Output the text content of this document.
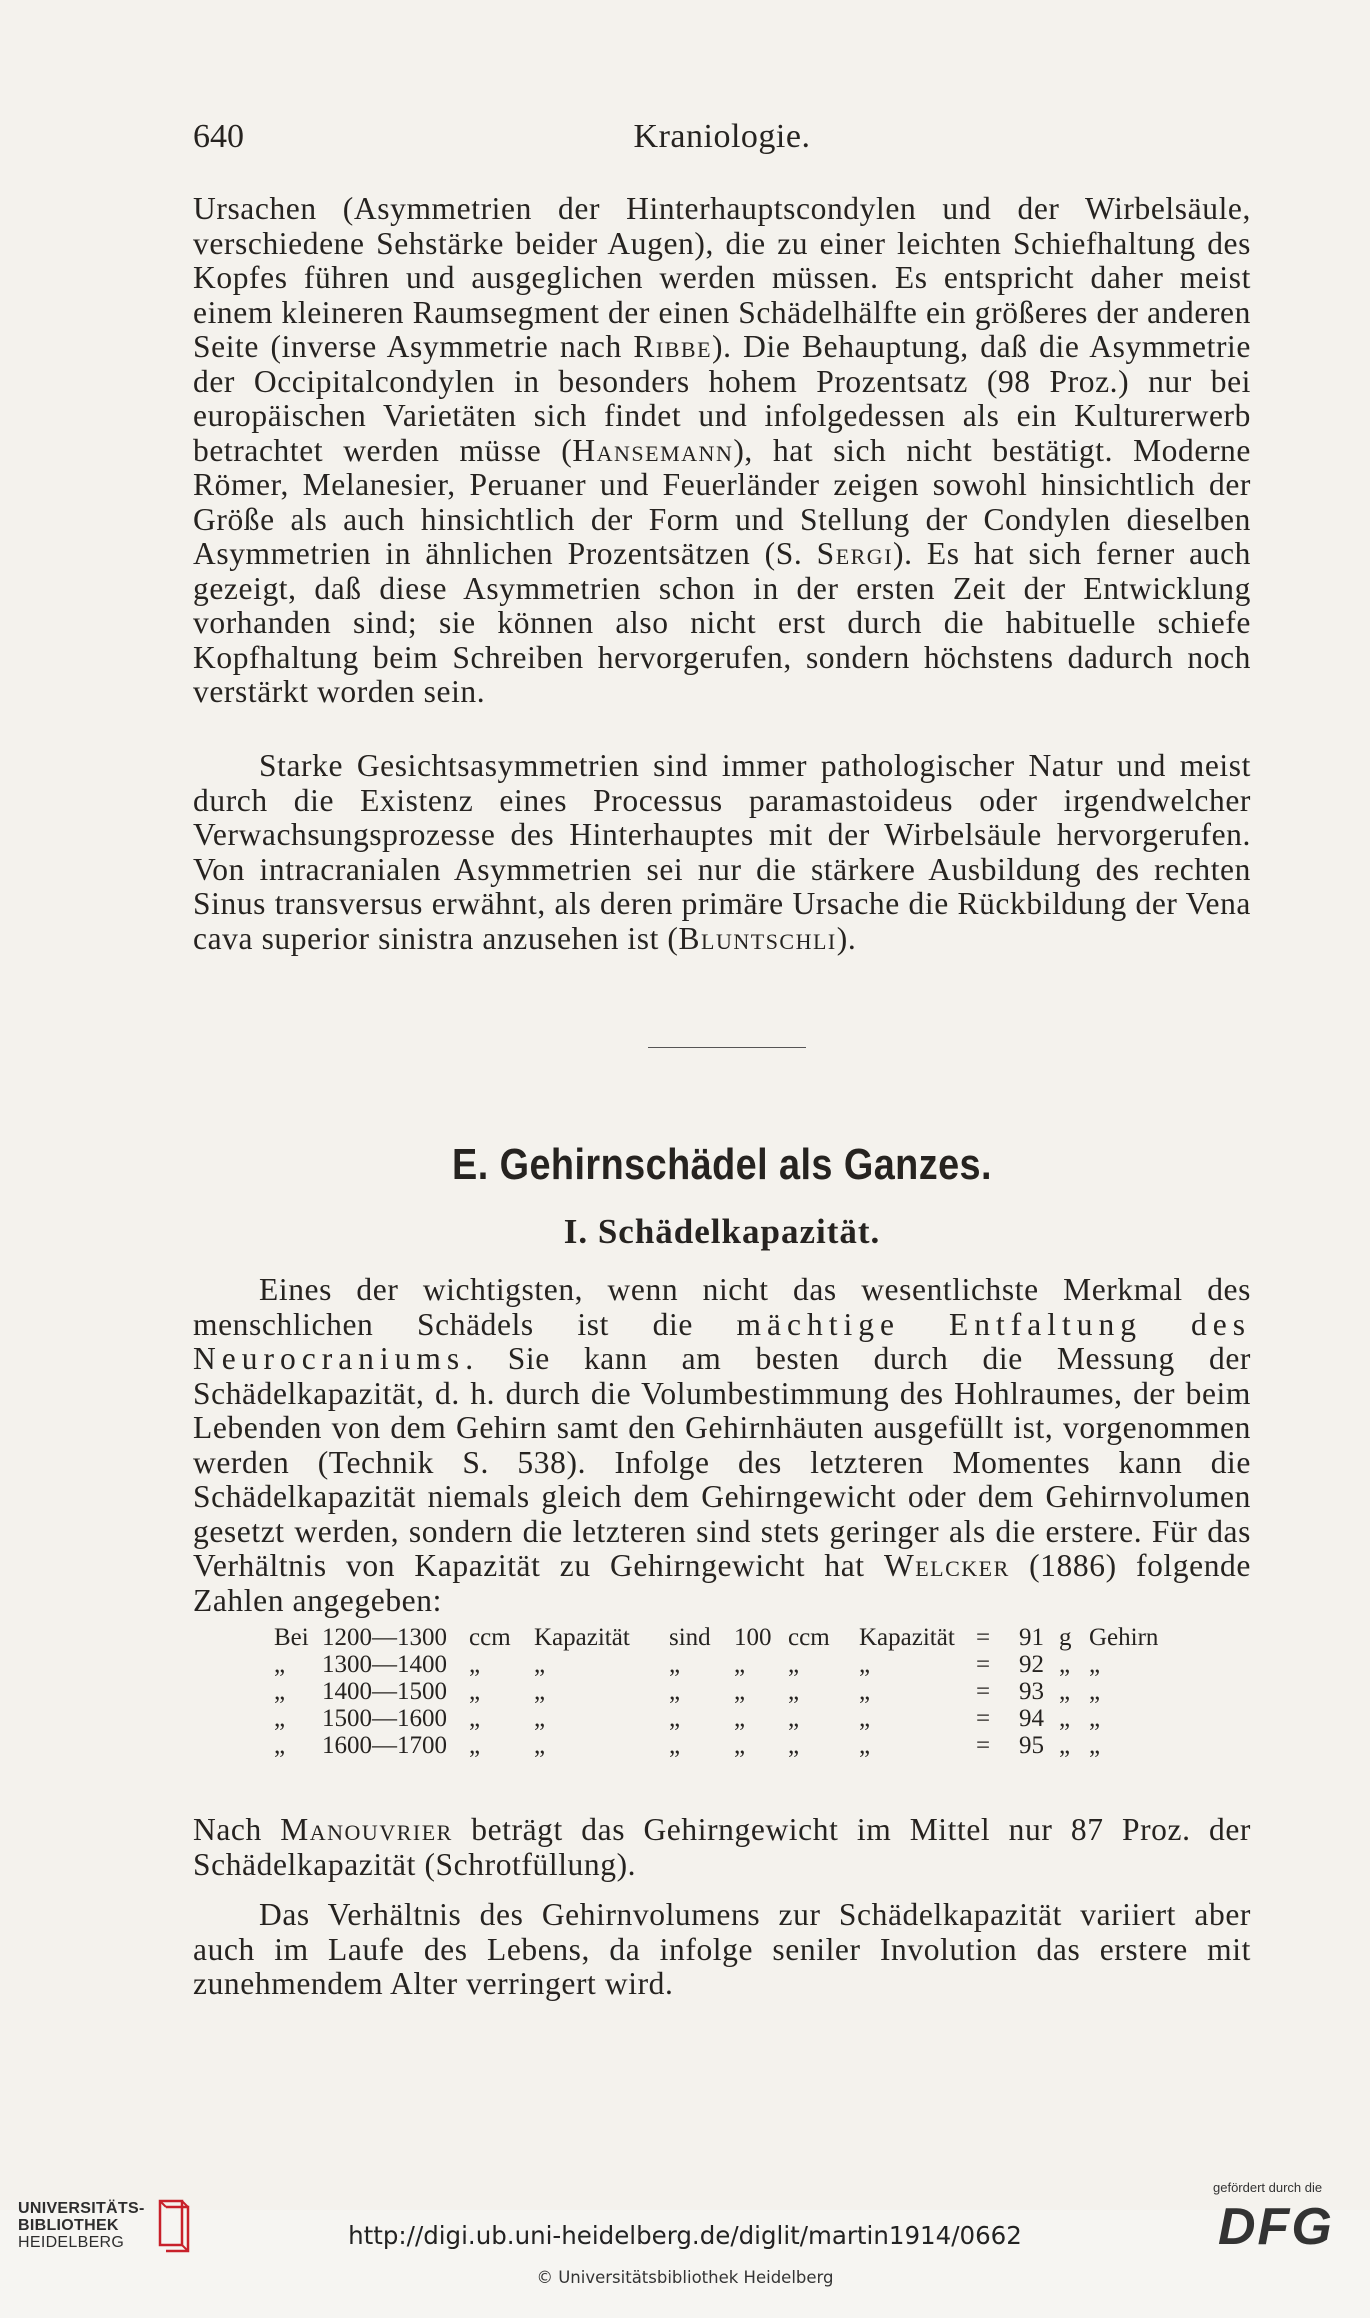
640	Kraniologie.

Ursachen (Asymmetrien der Hinterhauptscondylen und der Wirbelsäule, verschiedene Sehstärke beider Augen), die zu einer leichten Schiefhaltung des Kopfes führen und ausgeglichen werden müssen. Es entspricht daher meist einem kleineren Raumsegment der einen Schädelhälfte ein größeres der anderen Seite (inverse Asymmetrie nach Ribbe). Die Behauptung, daß die Asymmetrie der Occipitalcondylen in besonders hohem Prozentsatz (98 Proz.) nur bei europäischen Varietäten sich findet und infolgedessen als ein Kulturerwerb betrachtet werden müsse (Hansemann), hat sich nicht bestätigt. Moderne Römer, Melanesier, Peruaner und Feuerländer zeigen sowohl hinsichtlich der Größe als auch hinsichtlich der Form und Stellung der Condylen dieselben Asymmetrien in ähnlichen Prozentsätzen (S. Sergi). Es hat sich ferner auch gezeigt, daß diese Asymmetrien schon in der ersten Zeit der Entwicklung vorhanden sind; sie können also nicht erst durch die habituelle schiefe Kopfhaltung beim Schreiben hervorgerufen, sondern höchstens dadurch noch verstärkt worden sein.

Starke Gesichtsasymmetrien sind immer pathologischer Natur und meist durch die Existenz eines Processus paramastoideus oder irgendwelcher Verwachsungsprozesse des Hinterhauptes mit der Wirbelsäule hervorgerufen. Von intracranialen Asymmetrien sei nur die stärkere Ausbildung des rechten Sinus transversus erwähnt, als deren primäre Ursache die Rückbildung der Vena cava superior sinistra anzusehen ist (Bluntschli).

E. Gehirnschädel als Ganzes.
I. Schädelkapazität.

Eines der wichtigsten, wenn nicht das wesentlichste Merkmal des menschlichen Schädels ist die mächtige Entfaltung des Neurocraniums. Sie kann am besten durch die Messung der Schädelkapazität, d. h. durch die Volumbestimmung des Hohlraumes, der beim Lebenden von dem Gehirn samt den Gehirnhäuten ausgefüllt ist, vorgenommen werden (Technik S. 538). Infolge des letzteren Momentes kann die Schädelkapazität niemals gleich dem Gehirngewicht oder dem Gehirnvolumen gesetzt werden, sondern die letzteren sind stets geringer als die erstere. Für das Verhältnis von Kapazität zu Gehirngewicht hat Welcker (1886) folgende Zahlen angegeben:

Bei 1200—1300 ccm Kapazität sind 100 ccm Kapazität = 91 g Gehirn
„ 1300—1400 „ „	„ „ „ „	= 92 „ „
„ 1400—1500 „ „	„ „ „ „	= 93 „ „
„ 1500—1600 „ „	„ „ „ „	= 94 „ „
„ 1600—1700 „ „	„ „ „ „	= 95 „ „

Nach Manouvrier beträgt das Gehirngewicht im Mittel nur 87 Proz. der Schädelkapazität (Schrotfüllung).

Das Verhältnis des Gehirnvolumens zur Schädelkapazität variiert aber auch im Laufe des Lebens, da infolge seniler Involution das erstere mit zunehmendem Alter verringert wird.

UNIVERSITÄTS-
BIBLIOTHEK
HEIDELBERG	http://digi.ub.uni-heidelberg.de/diglit/martin1914/0662
© Universitätsbibliothek Heidelberg
gefördert durch die
DFG
